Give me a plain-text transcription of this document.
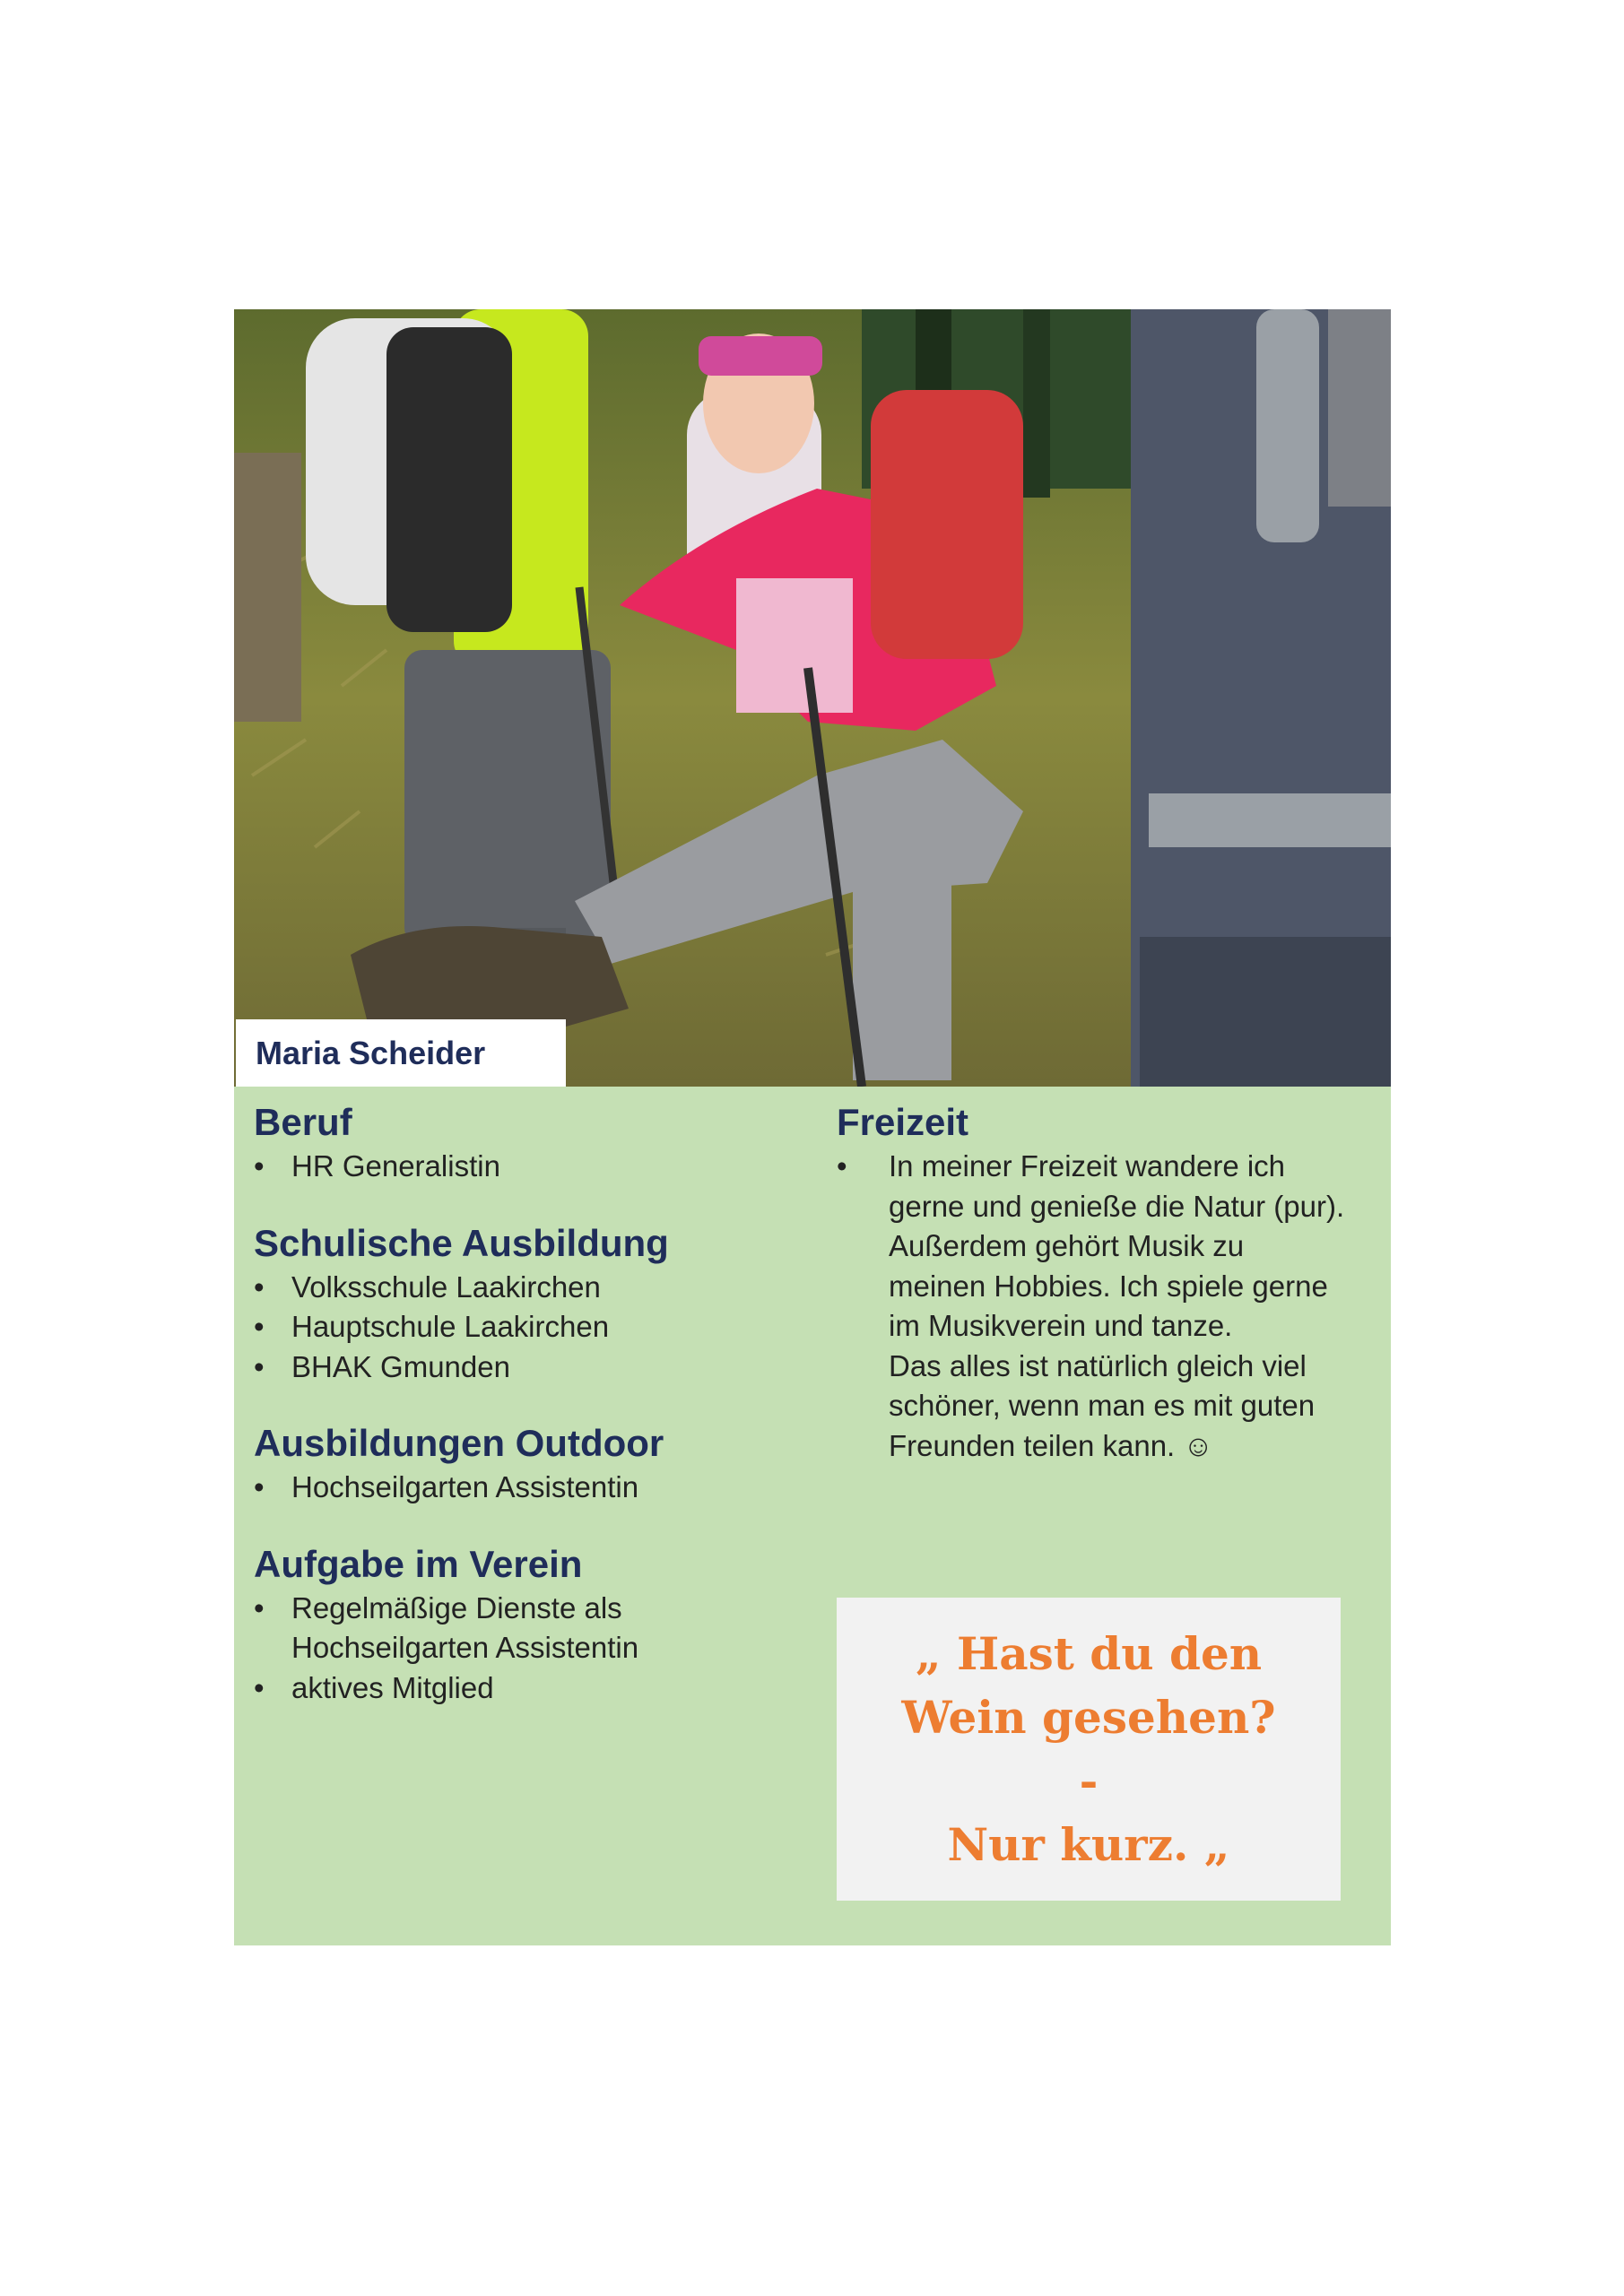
Maria Scheider
Beruf
• HR Generalistin
Schulische Ausbildung
• Volksschule Laakirchen
• Hauptschule Laakirchen
• BHAK Gmunden
Ausbildungen Outdoor
• Hochseilgarten Assistentin
Aufgabe im Verein
• Regelmäßige Dienste als
Hochseilgarten Assistentin
• aktives Mitglied
Freizeit
• In meiner Freizeit wandere ich
gerne und genieße die Natur (pur).
Außerdem gehört Musik zu
meinen Hobbies. Ich spiele gerne
im Musikverein und tanze.
Das alles ist natürlich gleich viel
schöner, wenn man es mit guten
Freunden teilen kann. ☺
„ Hast du den
Wein gesehen?
-
Nur kurz. „
